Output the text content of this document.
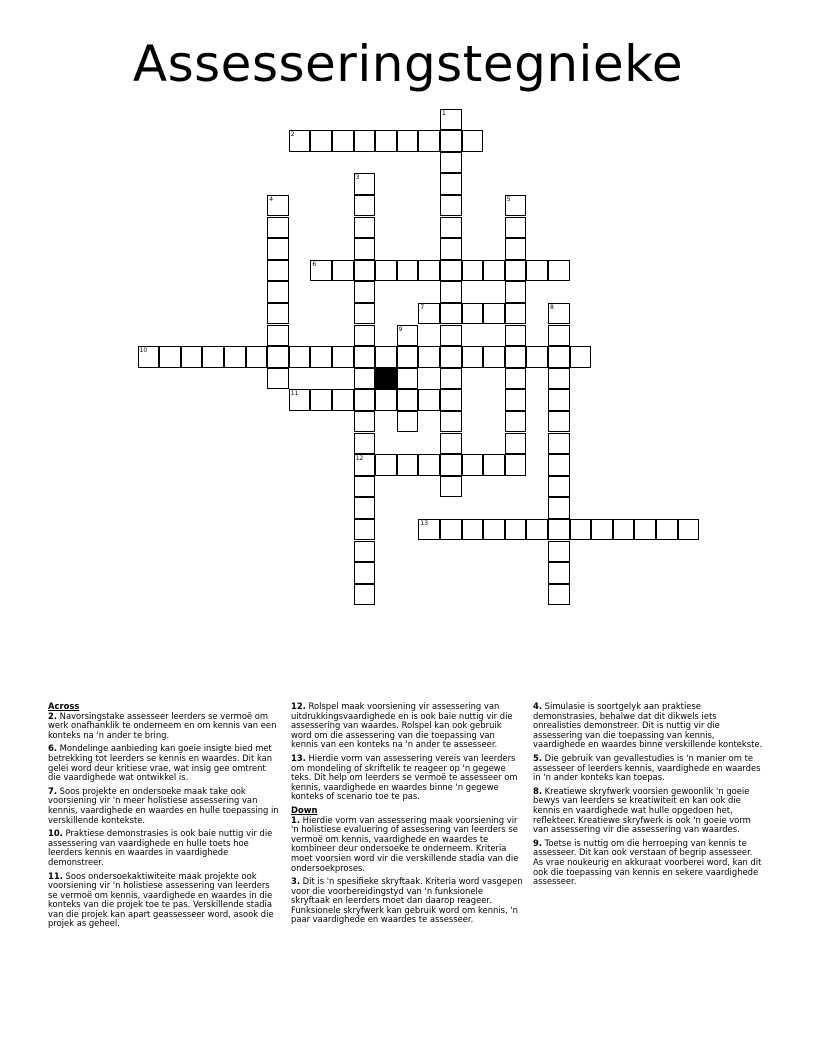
Assesseringstegnieke
1
2
3
12
4	5
6
7	8
9
10
11
13
Across
2. Navorsingstake assesseer leerders se vermoë om werk onafhanklik te onderneem en om kennis van een konteks na 'n ander te bring.
6. Mondelinge aanbieding kan goeie insigte bied met betrekking tot leerders se kennis en waardes. Dit kan gelei word deur kritiese vrae, wat insig gee omtrent die vaardighede wat ontwikkel is.
7. Soos projekte en ondersoeke maak take ook voorsiening vir 'n meer holistiese assessering van kennis, vaardighede en waardes en hulle toepassing in verskillende kontekste.
10. Praktiese demonstrasies is ook baie nuttig vir die assessering van vaardighede en hulle toets hoe leerders kennis en waardes in vaardighede demonstreer.
11. Soos ondersoekaktiwiteite maak projekte ook voorsiening vir 'n holistiese assessering van leerders se vermoë om kennis, vaardighede en waardes in die konteks van die projek toe te pas. Verskillende stadia van die projek kan apart geassesseer word, asook die projek as geheel.
12. Rolspel maak voorsiening vir assessering van uitdrukkingsvaardighede en is ook baie nuttig vir die assessering van waardes. Rolspel kan ook gebruik word om die assessering van die toepassing van kennis van een konteks na 'n ander te assesseer.
13. Hierdie vorm van assessering vereis van leerders om mondeling of skriftelik te reageer op 'n gegewe teks. Dit help om leerders se vermoë te assesseer om kennis, vaardighede en waardes binne 'n gegewe konteks of scenario toe te pas.
Down
1. Hierdie vorm van assessering maak voorsiening vir 'n holistiese evaluering of assessering van leerders se vermoë om kennis, vaardighede en waardes te kombineer deur ondersoeke te onderneem. Kriteria moet voorsien word vir die verskillende stadia van die ondersoekproses.
3. Dit is 'n spesifieke skryftaak. Kriteria word vasgepen voor die voorbereidingstyd van 'n funksionele skryftaak en leerders moet dan daarop reageer. Funksionele skryfwerk kan gebruik word om kennis, 'n paar vaardighede en waardes te assesseer.
4. Simulasie is soortgelyk aan praktiese demonstrasies, behalwe dat dit dikwels iets onrealisties demonstreer. Dit is nuttig vir die assessering van die toepassing van kennis, vaardighede en waardes binne verskillende kontekste.
5. Die gebruik van gevallestudies is 'n manier om te assesseer of leerders kennis, vaardighede en waardes in 'n ander konteks kan toepas.
8. Kreatiewe skryfwerk voorsien gewoonlik 'n goeie bewys van leerders se kreatiwiteit en kan ook die kennis en vaardighede wat hulle opgedoen het, reflekteer. Kreatiewe skryfwerk is ook 'n goeie vorm van assessering vir die assessering van waardes.
9. Toetse is nuttig om die herroeping van kennis te assesseer. Dit kan ook verstaan of begrip assesseer. As vrae noukeurig en akkuraat voorberei word, kan dit ook die toepassing van kennis en sekere vaardighede assesseer.
